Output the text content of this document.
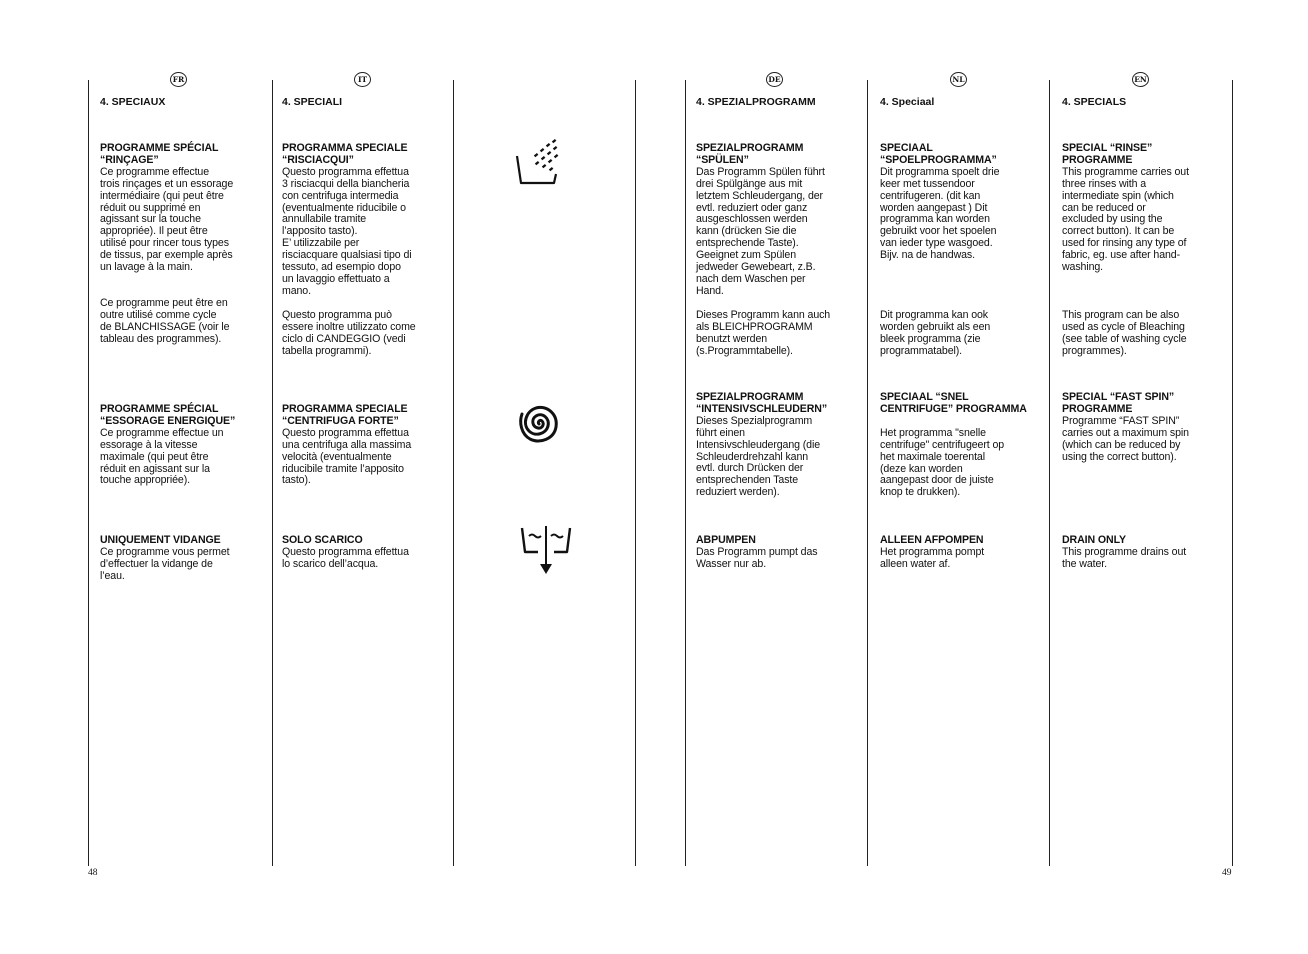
FR
4. SPECIAUX
PROGRAMME SPÉCIAL
“RINÇAGE”
Ce programme effectue
trois rinçages et un essorage
intermédiaire (qui peut être
réduit ou supprimé en
agissant sur la touche
appropriée). Il peut être
utilisé pour rincer tous types
de tissus, par exemple après
un lavage à la main.
Ce programme peut être en
outre utilisé comme cycle
de BLANCHISSAGE (voir le
tableau des programmes).
PROGRAMME SPÉCIAL
“ESSORAGE ENERGIQUE”
Ce programme effectue un
essorage à la vitesse
maximale (qui peut être
réduit en agissant sur la
touche appropriée).
UNIQUEMENT VIDANGE
Ce programme vous permet
d’effectuer la vidange de
l’eau.
IT
4. SPECIALI
PROGRAMMA SPECIALE
“RISCIACQUI”
Questo programma effettua
3 risciacqui della biancheria
con centrifuga intermedia
(eventualmente riducibile o
annullabile tramite
l’apposito tasto).
E’ utilizzabile per
risciacquare qualsiasi tipo di
tessuto, ad esempio dopo
un lavaggio effettuato a
mano.
Questo programma può
essere inoltre utilizzato come
ciclo di CANDEGGIO (vedi
tabella programmi).
PROGRAMMA SPECIALE
“CENTRIFUGA FORTE”
Questo programma effettua
una centrifuga alla massima
velocità (eventualmente
riducibile tramite l’apposito
tasto).
SOLO SCARICO
Questo programma effettua
lo scarico dell’acqua.
DE
4. SPEZIALPROGRAMM
SPEZIALPROGRAMM
“SPÜLEN”
Das Programm Spülen führt
drei Spülgänge aus mit
letztem Schleudergang, der
evtl. reduziert oder ganz
ausgeschlossen werden
kann (drücken Sie die
entsprechende Taste).
Geeignet zum Spülen
jedweder Gewebeart, z.B.
nach dem Waschen per
Hand.
Dieses Programm kann auch
als BLEICHPROGRAMM
benutzt werden
(s.Programmtabelle).
SPEZIALPROGRAMM
“INTENSIVSCHLEUDERN”
Dieses Spezialprogramm
führt einen
Intensivschleudergang (die
Schleuderdrehzahl kann
evtl. durch Drücken der
entsprechenden Taste
reduziert werden).
ABPUMPEN
Das Programm pumpt das
Wasser nur ab.
NL
4. Speciaal
SPECIAAL
“SPOELPROGRAMMA”
Dit programma spoelt drie
keer met tussendoor
centrifugeren. (dit kan
worden aangepast ) Dit
programma kan worden
gebruikt voor het spoelen
van ieder type wasgoed.
Bijv. na de handwas.
Dit programma kan ook
worden gebruikt als een
bleek programma (zie
programmatabel).
SPECIAAL “SNEL
CENTRIFUGE” PROGRAMMA
Het programma "snelle
centrifuge" centrifugeert op
het maximale toerental
(deze kan worden
aangepast door de juiste
knop te drukken).
ALLEEN AFPOMPEN
Het programma pompt
alleen water af.
EN
4. SPECIALS
SPECIAL “RINSE”
PROGRAMME
This programme carries out
three rinses with a
intermediate spin (which
can be reduced or
excluded by using the
correct button). It can be
used for rinsing any type of
fabric, eg. use after hand-
washing.
This program can be also
used as cycle of Bleaching
(see table of washing cycle
programmes).
SPECIAL “FAST SPIN”
PROGRAMME
Programme “FAST SPIN”
carries out a maximum spin
(which can be reduced by
using the correct button).
DRAIN ONLY
This programme drains out
the water.
48	49
